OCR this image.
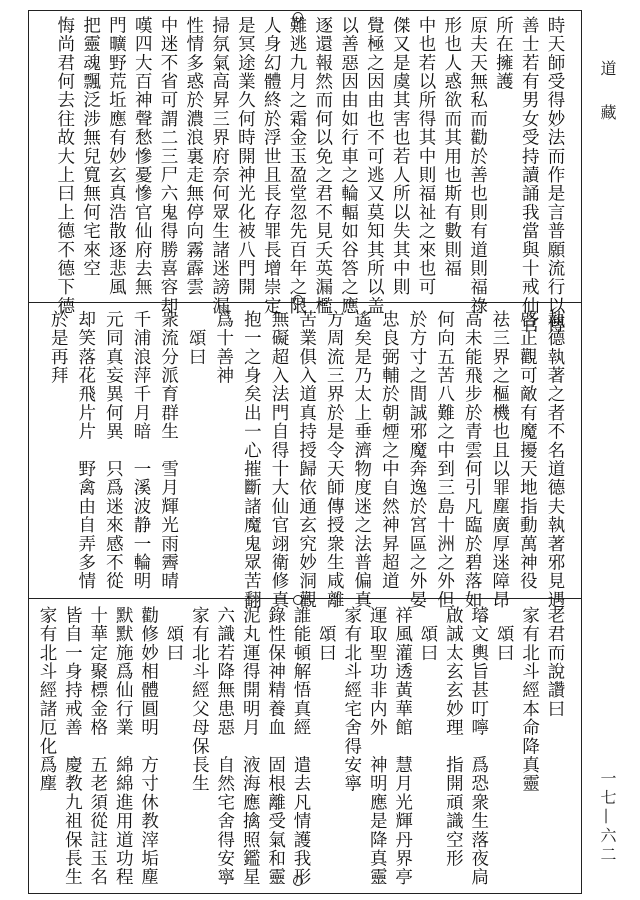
道　藏
一七—六二
時天師受得妙法而作是言普願流行以傳
善士若有男女受持讀誦我當與十戒仙官
所在擁護
原夫天無私而勸於善也則有道則福祿
形也人惑欲而其用也斯有數則福
中也若以所得其中則福祉之來也可
傑又是虞其害也若人所以失其中則
覺極之因由也不可逃又莫知其所以盖
以善惡因由如行車之輪輻如谷答之應
逐還報然而何以免之君不見夭英漏檻
難逃九月之霜金玉盈堂忽先百年之限
人身幻體終於浮世且長存罪長增崇定
是冥途業久何時開神光化被八門開
掃氛氣高昇三界府奈何眾生諸迷謗漏
性情多惑於濃浪裏走無停向霧霹雲
中迷不省可謂二三尸六鬼得勝喜容却
嘆四大百神聲愁慘憂慘官仙府去無
門曠野荒坵應有妙玄真浩散逐悲風
把靈魂飄泛涉無兒寬無何宅來空
悔尚君何去往故大上曰上德不德下德
執德執著之者不名道德夫執著邪見遇
啓正觀可敵有魔擾天地指動萬神役
祛三界之樞機也且以罪塵廣厚迷障昂
高未能飛步於青雲何引凡臨於碧落如
何向五苦八難之中到三島十洲之外但
於方寸之間誠邪魔奔逸於宮區之外晏
忠良弼輔於朝煙之中自然神昇超道
遙矣是乃太上垂濟物度迷之法普偏真
方周流三界於是令天師傳授衆生咸離
苦業俱入道真持授歸依通玄究妙洞觀
無礙超入法門自得十大仙官翊衛修真
抱一之身矣出一心摧斷諸魔鬼眾苦翻
爲十善神
　頌曰
衆流分派育群生　雪月輝光雨霽晴
千浦浪萍千月暗　一溪波静一輪明
元同真妄異何異　只爲迷來感不從
却笑落花飛片片　野禽由自弄多情
於是再拜
老君而說讚曰
家有北斗經本命降真靈
　頌曰
璿文輿旨甚叮嚀　爲恐衆生落夜扃
啟誠太玄玄妙理　指開頑識空形
　頌曰
祥風灌透黃華館　慧月光輝丹界亭
運取聖功非内外　神明應是降真靈
家有北斗經宅舍得安寧
　頌曰
誰能頓解悟真經　遣去凡情護我形
錄性保神精養血　固根離受氣和靈
泥丸運得開明月　液海應擒照鑑星
六識若降無患惡　自然宅舍得安寧
家有北斗經父母保長生
　頌曰
勸修妙相體圓明　方寸休教滓垢塵
默默施爲仙行業　綿綿進用道功程
十華定聚標金格　五老須從註玉名
皆自一身持戒善　慶教九祖保長生
家有北斗經諸厄化爲塵
